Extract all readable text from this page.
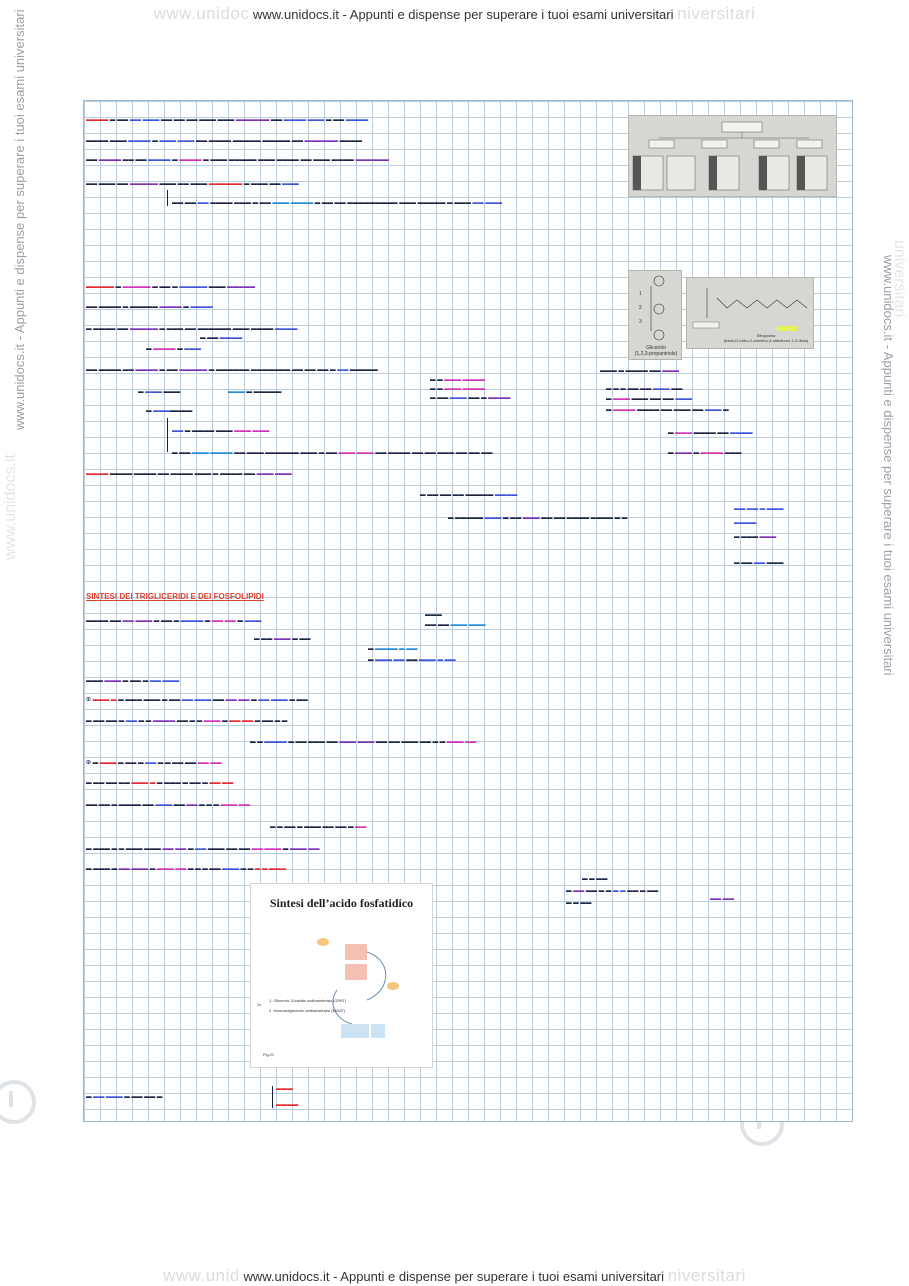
www.unidoc www.unidocs.it - Appunti e dispense per superare i tuoi esami universitari niversitari
www.unid www.unidocs.it - Appunti e dispense per superare i tuoi esami universitari niversitari
www.unidocs.it - Appunti e dispense per superare i tuoi esami universitari
www.unidocs.it - Appunti e dispense per superare i tuoi esami universitari
www.unidocs.it
universitari
▬▬▬▬ ▬ ▬▬ ▬▬ ▬▬▬ ▬▬ ▬▬ ▬▬ ▬▬▬ ▬▬▬ ▬▬▬▬▬▬ ▬▬ ▬▬▬▬ ▬▬▬ ▬ ▬▬ ▬▬▬▬
▬▬▬▬ ▬▬▬ ▬▬▬▬ ▬ ▬▬▬ ▬▬▬ ▬▬ ▬▬▬▬ ▬▬▬▬▬ ▬▬▬▬▬ ▬▬ ▬▬▬▬▬▬ ▬▬▬▬
▬▬ ▬▬▬▬ ▬▬ ▬▬ ▬▬▬▬ ▬ ▬▬▬▬ ▬ ▬▬▬ ▬▬▬▬▬ ▬▬▬ ▬▬▬▬ ▬▬ ▬▬▬ ▬▬▬▬ ▬▬▬▬▬▬
▬▬ ▬▬▬ ▬▬ ▬▬▬▬▬ ▬▬▬ ▬▬ ▬▬▬ ▬▬▬▬▬▬ ▬ ▬▬▬ ▬▬ ▬▬▬
▬▬ ▬▬ ▬▬ ▬▬▬▬ ▬▬▬ ▬ ▬▬ ▬▬▬ ▬▬▬▬ ▬ ▬▬ ▬▬ ▬▬▬▬▬▬▬▬▬ ▬▬▬ ▬▬▬▬▬ ▬ ▬▬▬ ▬▬ ▬▬▬
▬▬▬▬▬ ▬ ▬▬▬▬▬ ▬ ▬▬ ▬ ▬▬▬▬▬ ▬▬▬ ▬▬▬▬▬
▬▬ ▬▬▬▬ ▬ ▬▬▬▬▬ ▬▬▬▬ ▬ ▬▬▬▬
▬ ▬▬▬▬ ▬▬ ▬▬▬▬▬ ▬ ▬▬▬ ▬▬ ▬▬▬▬▬▬ ▬▬▬ ▬▬▬▬ ▬▬▬▬
▬ ▬▬ ▬▬▬▬
▬ ▬▬▬▬ ▬ ▬▬▬
▬▬ ▬▬▬▬ ▬▬ ▬▬▬▬ ▬ ▬▬ ▬▬▬▬▬ ▬ ▬▬▬▬▬▬ ▬▬▬▬▬▬▬ ▬▬ ▬▬ ▬▬ ▬ ▬▬ ▬▬▬▬▬
▬ ▬ ▬▬▬ ▬▬▬▬
▬ ▬ ▬▬▬ ▬▬▬▬
▬ ▬▬ ▬▬▬ ▬▬ ▬ ▬▬▬▬
▬ ▬▬▬ ▬▬▬	▬▬▬ ▬ ▬▬▬▬▬
▬ ▬▬▬▬▬▬▬
▬▬ ▬ ▬▬▬▬ ▬▬▬ ▬▬▬ ▬▬▬
▬ ▬▬ ▬▬▬ ▬▬▬▬ ▬▬ ▬▬▬ ▬▬▬▬▬▬ ▬▬▬ ▬ ▬▬ ▬▬▬ ▬▬▬ ▬▬ ▬▬▬▬ ▬▬ ▬▬ ▬▬▬ ▬▬ ▬▬ ▬▬
▬▬▬ ▬ ▬▬▬▬ ▬▬ ▬▬▬
▬ ▬ ▬ ▬▬ ▬▬ ▬▬▬ ▬▬
▬ ▬▬▬ ▬▬▬ ▬▬ ▬▬ ▬▬▬
▬ ▬▬▬▬ ▬▬▬▬ ▬▬ ▬▬▬ ▬▬ ▬▬▬ ▬
▬ ▬▬▬ ▬▬▬▬ ▬▬ ▬▬▬▬
▬ ▬▬▬ ▬ ▬▬▬▬ ▬▬▬
▬▬▬▬ ▬▬▬▬ ▬▬▬▬ ▬▬ ▬▬▬▬ ▬▬▬ ▬ ▬▬▬▬ ▬▬ ▬▬▬ ▬▬▬
▬ ▬▬ ▬▬ ▬▬ ▬▬▬▬▬ ▬▬▬▬
▬ ▬▬▬▬▬ ▬▬▬ ▬ ▬▬ ▬▬▬ ▬▬ ▬▬ ▬▬▬▬ ▬▬▬▬ ▬ ▬
▬▬ ▬▬ ▬ ▬▬▬
▬▬▬▬
▬ ▬▬▬ ▬▬▬
▬ ▬▬ ▬▬ ▬▬▬
SINTESI DEI TRIGLICERIDI E DEI FOSFOLIPIDI
▬▬▬▬ ▬▬ ▬▬ ▬▬▬ ▬ ▬▬ ▬ ▬▬▬▬ ▬ ▬▬ ▬▬ ▬ ▬▬▬
▬▬▬
▬▬ ▬▬ ▬▬▬ ▬▬▬
▬ ▬▬ ▬▬▬ ▬ ▬▬
▬ ▬▬▬▬ ▬ ▬▬
▬ ▬▬▬ ▬▬ ▬▬ ▬▬▬ ▬ ▬▬
▬▬▬ ▬▬▬ ▬ ▬▬ ▬ ▬▬ ▬▬▬
① ▬▬▬ ▬ ▬ ▬▬▬ ▬▬▬ ▬ ▬▬ ▬▬ ▬▬▬ ▬▬ ▬▬ ▬▬ ▬ ▬▬ ▬▬▬ ▬ ▬▬
▬ ▬▬ ▬▬ ▬ ▬▬ ▬ ▬ ▬▬▬▬ ▬▬ ▬ ▬ ▬▬▬ ▬ ▬▬ ▬▬ ▬ ▬▬ ▬ ▬
▬ ▬ ▬▬▬▬ ▬ ▬▬ ▬▬▬ ▬▬ ▬▬▬ ▬▬▬ ▬▬ ▬▬ ▬▬▬ ▬▬ ▬ ▬ ▬▬▬ ▬▬
② ▬ ▬▬▬ ▬ ▬▬ ▬ ▬▬ ▬ ▬ ▬▬ ▬▬ ▬▬ ▬▬
▬ ▬▬ ▬▬ ▬▬ ▬▬▬ ▬ ▬ ▬▬▬ ▬ ▬▬ ▬ ▬▬ ▬▬
▬▬ ▬▬ ▬ ▬▬▬▬ ▬▬ ▬▬▬ ▬▬ ▬▬ ▬ ▬ ▬ ▬▬▬ ▬▬
▬ ▬ ▬▬ ▬ ▬▬▬ ▬▬ ▬▬ ▬ ▬▬
▬ ▬▬▬ ▬ ▬ ▬▬▬ ▬▬▬ ▬▬ ▬▬ ▬ ▬▬ ▬▬▬ ▬▬ ▬▬ ▬▬ ▬▬▬ ▬ ▬▬▬ ▬▬
▬ ▬▬▬ ▬ ▬▬ ▬▬▬ ▬ ▬▬▬ ▬▬ ▬ ▬ ▬ ▬▬ ▬▬▬ ▬ ▬ ▬ ▬ ▬▬▬
▬ ▬ ▬▬
▬ ▬▬ ▬▬ ▬ ▬ ▬ ▬ ▬▬ ▬ ▬▬
▬ ▬ ▬▬
▬▬ ▬▬
▬ ▬▬ ▬▬▬ ▬ ▬▬ ▬▬ ▬
▬▬▬
▬▬▬▬
1
2
3
Glicerolo
(1,2,3-propantriolo)
Sfingosina
(trans-D-eritro-2-ammino-4-ottadecen-1,3-diolo)
Sintesi dell’acido fosfatidico
2x
1. Glicerolo-3-fosfato aciltransferasi (GPAT)
2. Monoacilglicerolo aciltransferasi (MGAT)
Fig.21
